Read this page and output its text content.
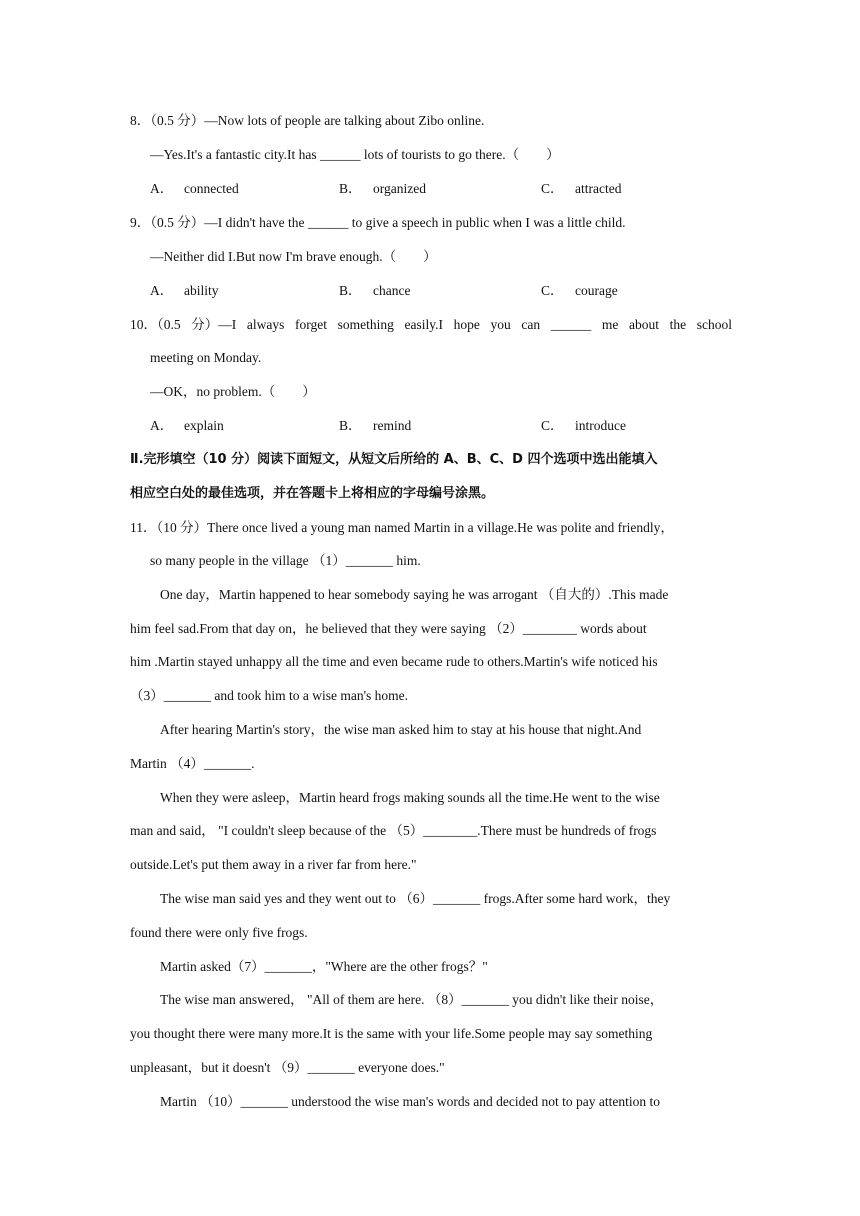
8．（0.5 分）—Now lots of people are talking about Zibo online.
—Yes.It's a fantastic city.It has ______ lots of tourists to go there.（　　）
A． connected	B． organized	C． attracted
9．（0.5 分）—I didn't have the ______ to give a speech in public when I was a little child.
—Neither did I.But now I'm brave enough.（　　）
A． ability	B． chance	C． courage
10．（0.5 分）—I always forget something easily.I hope you can ______ me about the school
meeting on Monday.
—OK，no problem.（　　）
A． explain	B． remind	C． introduce
Ⅱ.完形填空（10 分）阅读下面短文，从短文后所给的 A、B、C、D 四个选项中选出能填入
相应空白处的最佳选项，并在答题卡上将相应的字母编号涂黑。
11．（10 分）There once lived a young man named Martin in a village.He was polite and friendly，
so many people in the village （1）_______ him.
One day，Martin happened to hear somebody saying he was arrogant （自大的）.This made
him feel sad.From that day on，he believed that they were saying （2）________ words about
him .Martin stayed unhappy all the time and even became rude to others.Martin's wife noticed his
（3）_______ and took him to a wise man's home.
After hearing Martin's story，the wise man asked him to stay at his house that night.And
Martin （4）_______.
When they were asleep，Martin heard frogs making sounds all the time.He went to the wise
man and said， "I couldn't sleep because of the （5）________.There must be hundreds of frogs
outside.Let's put them away in a river far from here."
The wise man said yes and they went out to （6）_______ frogs.After some hard work，they
found there were only five frogs.
Martin asked（7）_______，"Where are the other frogs？"
The wise man answered， "All of them are here. （8）_______ you didn't like their noise，
you thought there were many more.It is the same with your life.Some people may say something
unpleasant，but it doesn't （9）_______ everyone does."
Martin （10）_______ understood the wise man's words and decided not to pay attention to
